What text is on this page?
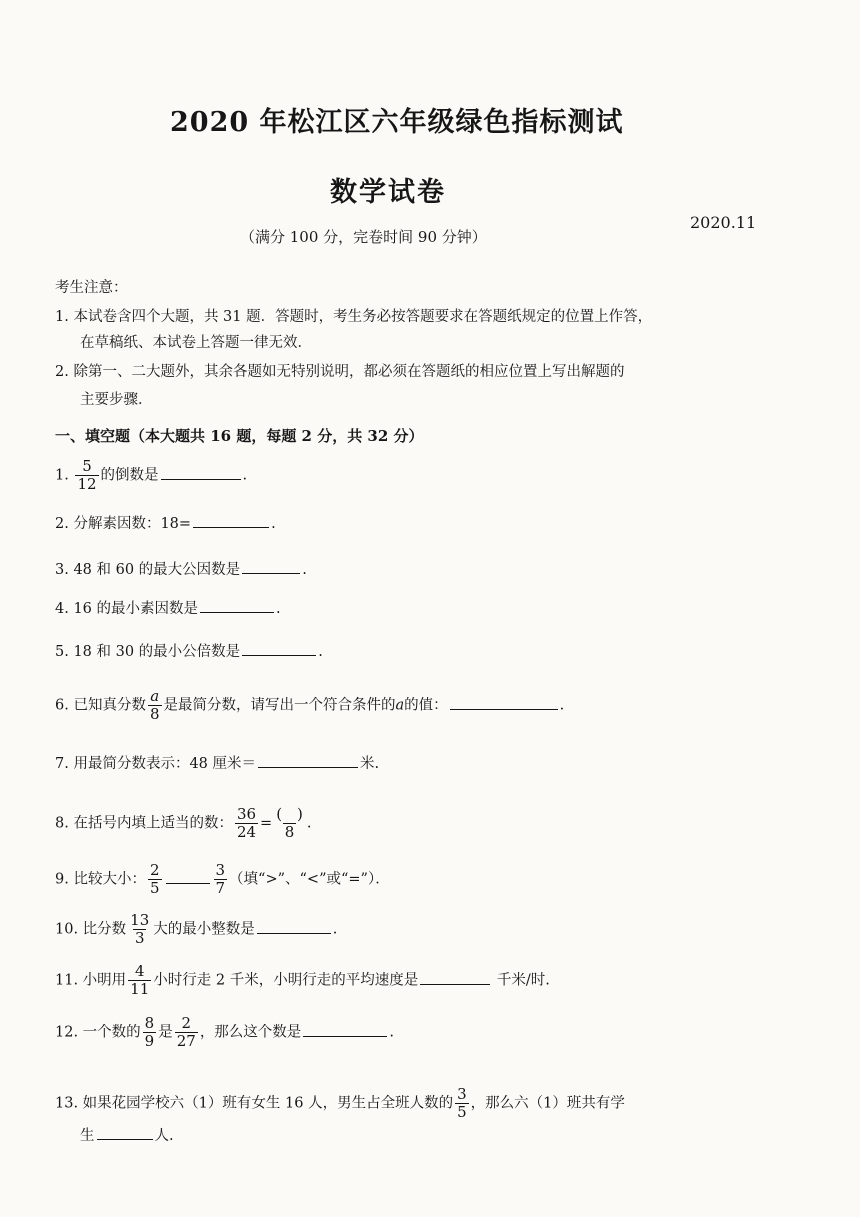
2020 年松江区六年级绿色指标测试
数学试卷
2020.11
（满分 100 分，完卷时间 90 分钟）
考生注意：
1. 本试卷含四个大题，共 31 题．答题时，考生务必按答题要求在答题纸规定的位置上作答，
在草稿纸、本试卷上答题一律无效．
2. 除第一、二大题外，其余各题如无特别说明，都必须在答题纸的相应位置上写出解题的
主要步骤．
一、填空题（本大题共 16 题，每题 2 分，共 32 分）
1. $\frac{5}{12}$ 的倒数是	.
2. 分解素因数：18=	.
3. 48 和 60 的最大公因数是	.
4. 16 的最小素因数是	.
5. 18 和 30 的最小公倍数是	.
6. 已知真分数 $\frac{a}{8}$ 是最简分数，请写出一个符合条件的a的值：	.
7. 用最简分数表示：48 厘米＝	米.
8. 在括号内填上适当的数： $\frac{36}{24} = \frac{( )}{8}$ .
9. 比较大小： $\frac{2}{5}$	$\frac{3}{7}$ （填“>”、“<”或“=”）．
10. 比分数 $\frac{13}{3}$ 大的最小整数是	.
11. 小明用 $\frac{4}{11}$ 小时行走 2 千米，小明行走的平均速度是	千米/时.
12. 一个数的 $\frac{8}{9}$ 是 $\frac{2}{27}$ ，那么这个数是	.
13. 如果花园学校六（1）班有女生 16 人，男生占全班人数的 $\frac{3}{5}$ ，那么六（1）班共有学
生	人.
